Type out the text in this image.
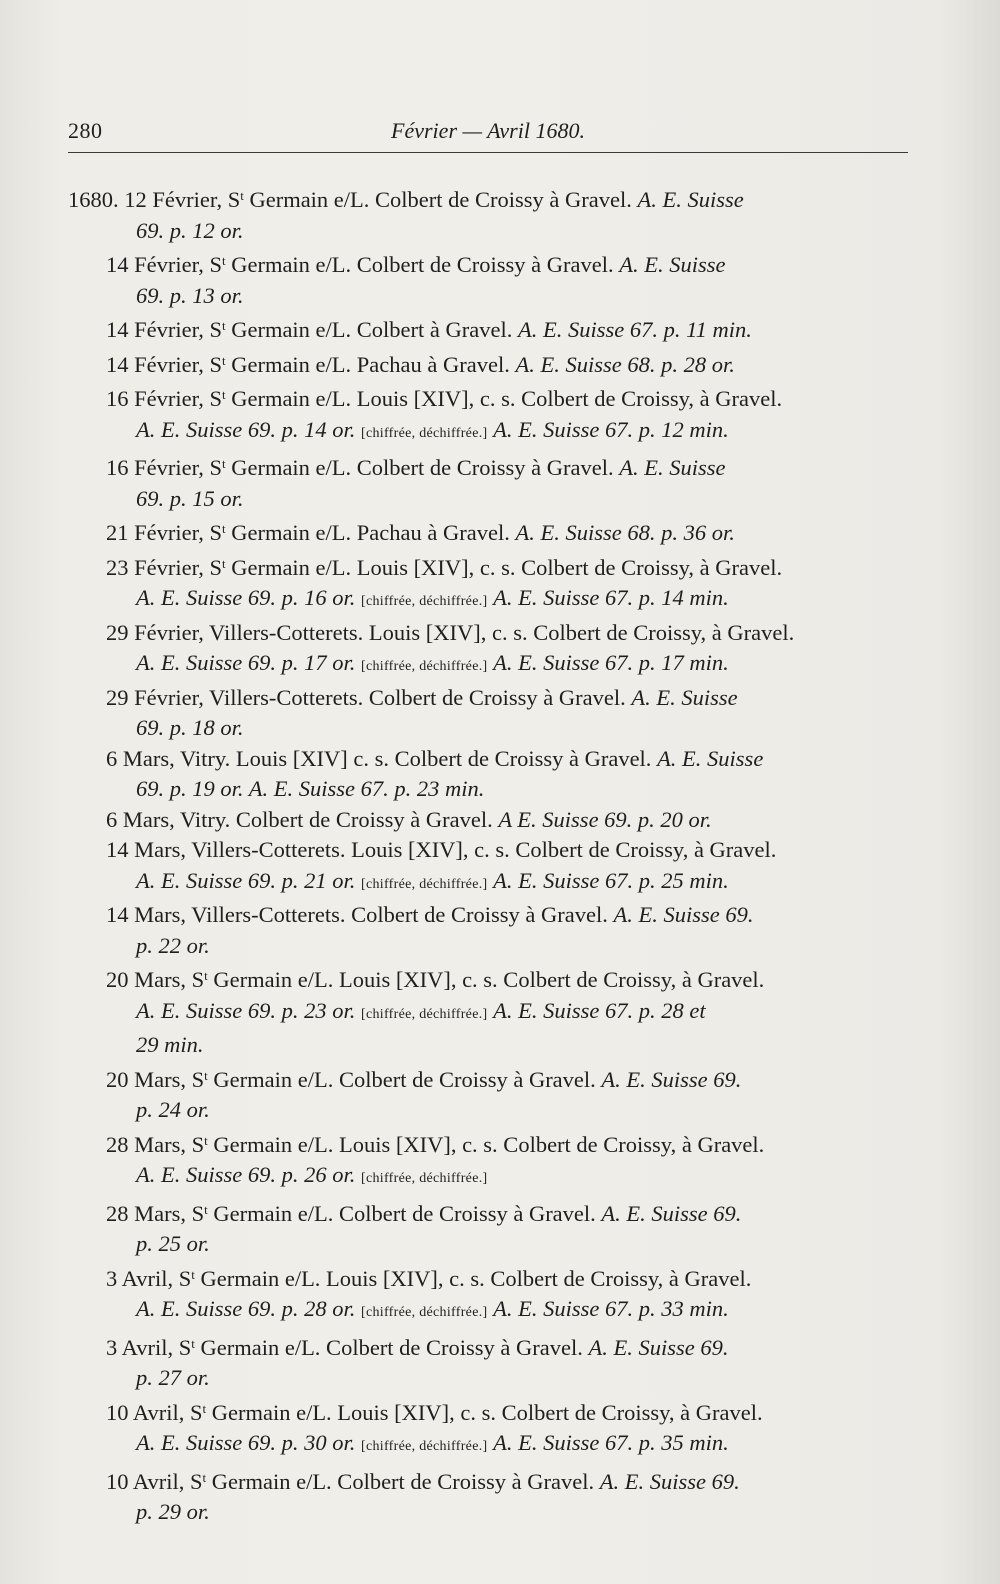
280	Février — Avril 1680.
1680. 12 Février, $S^t$ Germain e/L. Colbert de Croissy à Gravel. A. E. Suisse
69. p. 12 or.
14 Février, $S^t$ Germain e/L. Colbert de Croissy à Gravel. A. E. Suisse
69. p. 13 or.
14 Février, $S^t$ Germain e/L. Colbert à Gravel. A. E. Suisse 67. p. 11 min.
14 Février, $S^t$ Germain e/L. Pachau à Gravel. A. E. Suisse 68. p. 28 or.
16 Février, $S^t$ Germain e/L. Louis [XIV], c. s. Colbert de Croissy, à Gravel.
A. E. Suisse 69. p. 14 or. [chiffrée, déchiffrée.] A. E. Suisse 67. p. 12 min.
16 Février, $S^t$ Germain e/L. Colbert de Croissy à Gravel. A. E. Suisse
69. p. 15 or.
21 Février, $S^t$ Germain e/L. Pachau à Gravel. A. E. Suisse 68. p. 36 or.
23 Février, $S^t$ Germain e/L. Louis [XIV], c. s. Colbert de Croissy, à Gravel.
A. E. Suisse 69. p. 16 or. [chiffrée, déchiffrée.] A. E. Suisse 67. p. 14 min.
29 Février, Villers-Cotterets. Louis [XIV], c. s. Colbert de Croissy, à Gravel.
A. E. Suisse 69. p. 17 or. [chiffrée, déchiffrée.] A. E. Suisse 67. p. 17 min.
29 Février, Villers-Cotterets. Colbert de Croissy à Gravel. A. E. Suisse
69. p. 18 or.
6 Mars, Vitry. Louis [XIV] c. s. Colbert de Croissy à Gravel. A. E. Suisse
69. p. 19 or. A. E. Suisse 67. p. 23 min.
6 Mars, Vitry. Colbert de Croissy à Gravel. A E. Suisse 69. p. 20 or.
14 Mars, Villers-Cotterets. Louis [XIV], c. s. Colbert de Croissy, à Gravel.
A. E. Suisse 69. p. 21 or. [chiffrée, déchiffrée.] A. E. Suisse 67. p. 25 min.
14 Mars, Villers-Cotterets. Colbert de Croissy à Gravel. A. E. Suisse 69.
p. 22 or.
20 Mars, $S^t$ Germain e/L. Louis [XIV], c. s. Colbert de Croissy, à Gravel.
A. E. Suisse 69. p. 23 or. [chiffrée, déchiffrée.] A. E. Suisse 67. p. 28 et
29 min.
20 Mars, $S^t$ Germain e/L. Colbert de Croissy à Gravel. A. E. Suisse 69.
p. 24 or.
28 Mars, $S^t$ Germain e/L. Louis [XIV], c. s. Colbert de Croissy, à Gravel.
A. E. Suisse 69. p. 26 or. [chiffrée, déchiffrée.]
28 Mars, $S^t$ Germain e/L. Colbert de Croissy à Gravel. A. E. Suisse 69.
p. 25 or.
3 Avril, $S^t$ Germain e/L. Louis [XIV], c. s. Colbert de Croissy, à Gravel.
A. E. Suisse 69. p. 28 or. [chiffrée, déchiffrée.] A. E. Suisse 67. p. 33 min.
3 Avril, $S^t$ Germain e/L. Colbert de Croissy à Gravel. A. E. Suisse 69.
p. 27 or.
10 Avril, $S^t$ Germain e/L. Louis [XIV], c. s. Colbert de Croissy, à Gravel.
A. E. Suisse 69. p. 30 or. [chiffrée, déchiffrée.] A. E. Suisse 67. p. 35 min.
10 Avril, $S^t$ Germain e/L. Colbert de Croissy à Gravel. A. E. Suisse 69.
p. 29 or.
